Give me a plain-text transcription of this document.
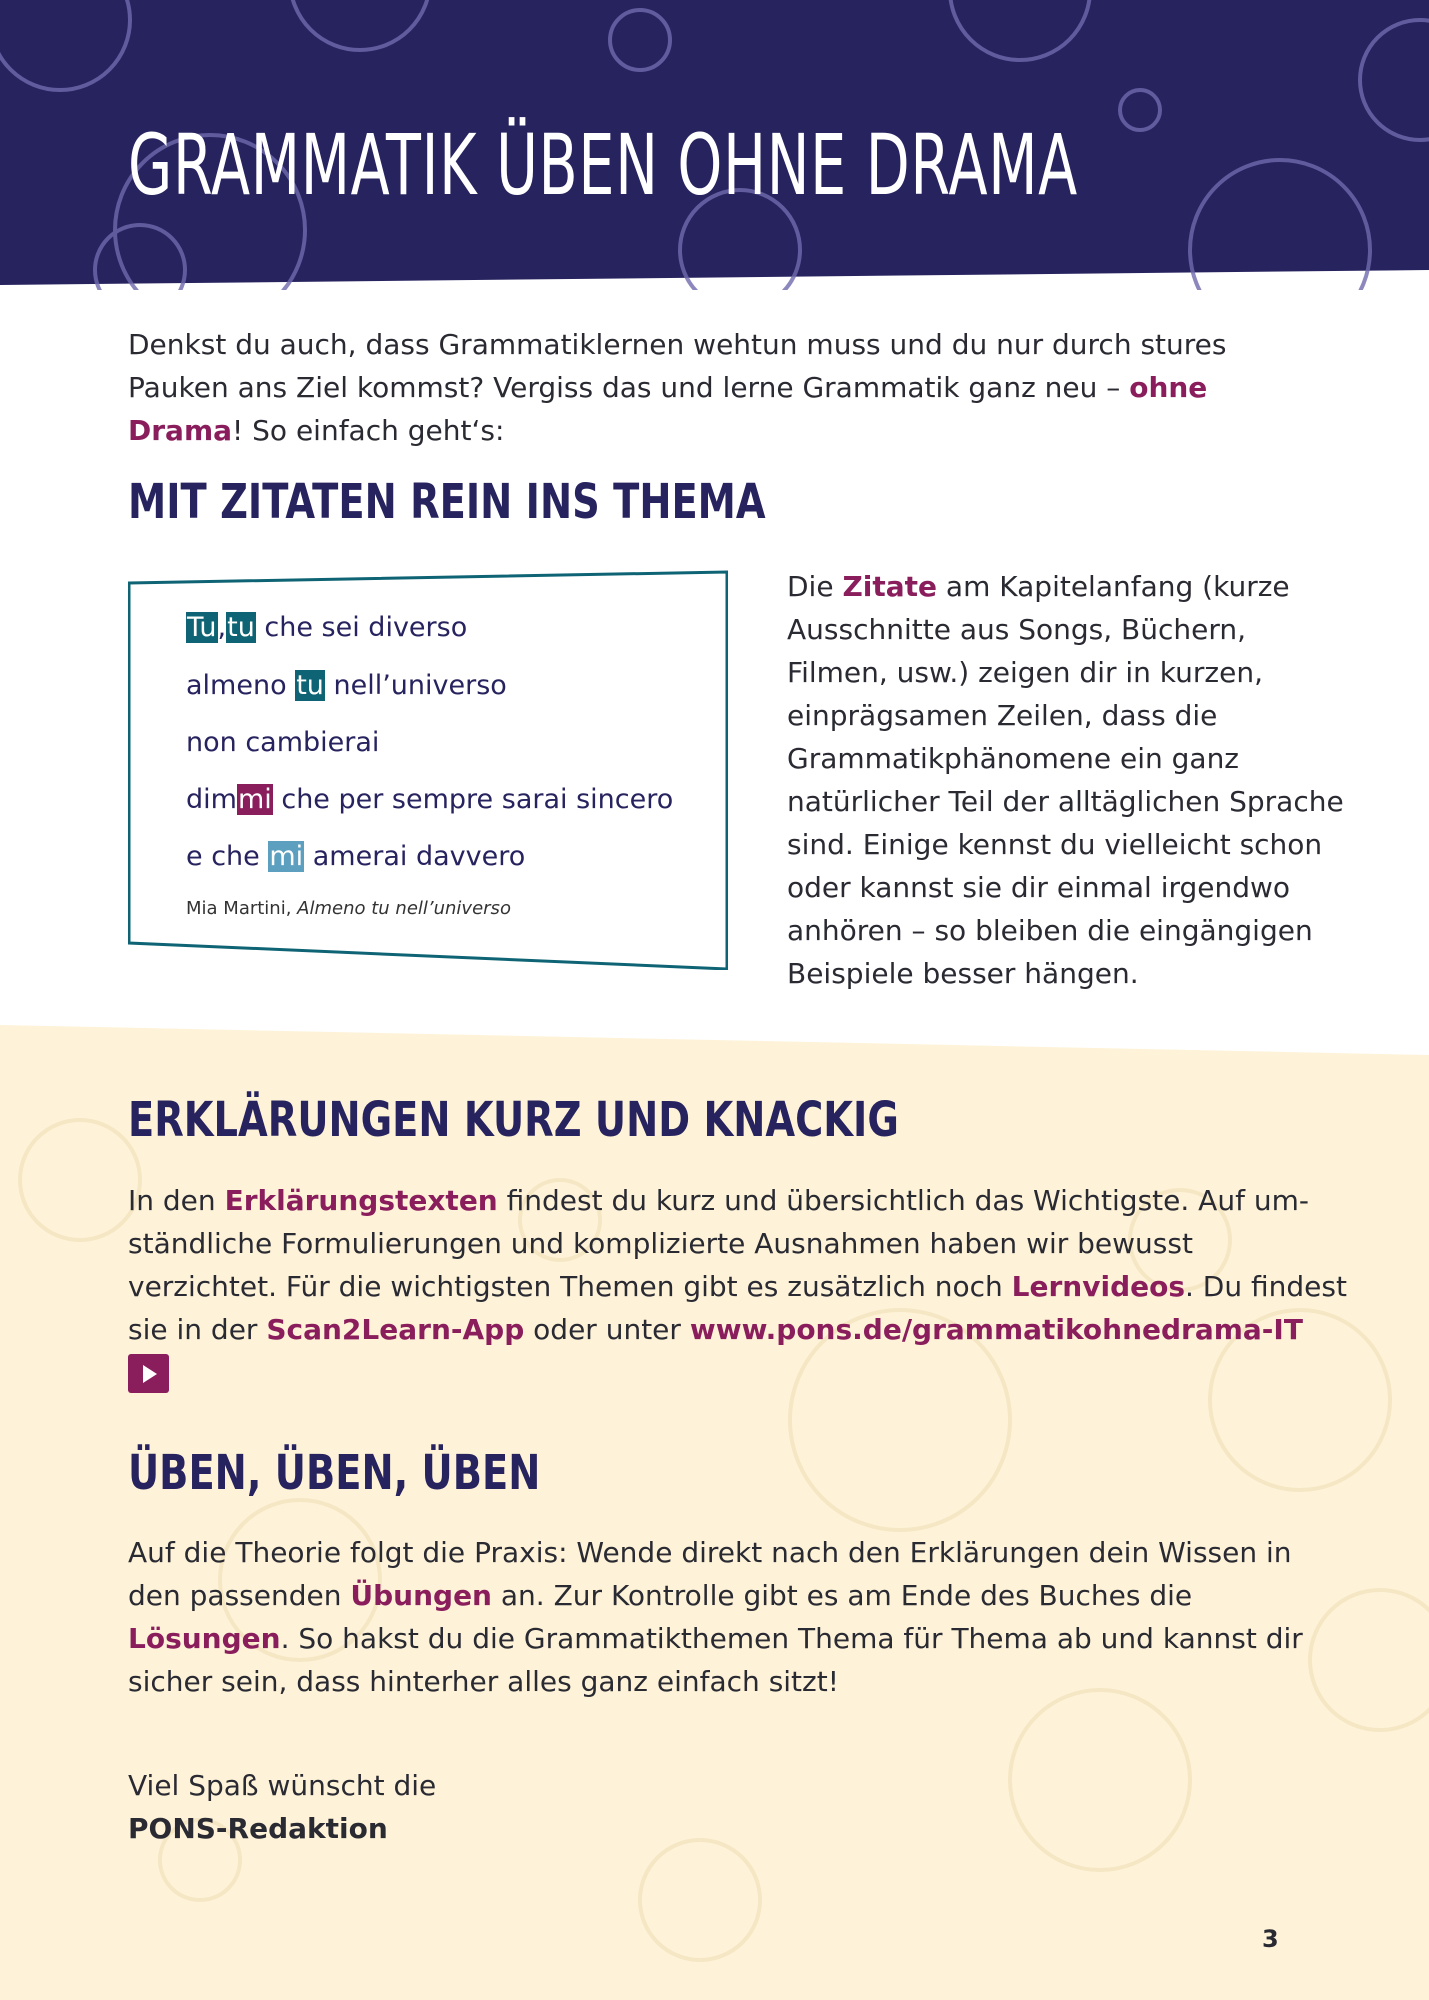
GRAMMATIK ÜBEN OHNE DRAMA

Denkst du auch, dass Grammatiklernen wehtun muss und du nur durch stures Pauken ans Ziel kommst? Vergiss das und lerne Grammatik ganz neu – ohne Drama! So einfach geht‘s:

MIT ZITATEN REIN INS THEMA
Tu,tu che sei diverso
almeno tu nell’universo
non cambierai
dimmi che per sempre sarai sincero
e che mi amerai davvero
Mia Martini, Almeno tu nell’universo

Die Zitate am Kapitelanfang (kurze Ausschnitte aus Songs, Büchern, Filmen, usw.) zeigen dir in kurzen, einprägsamen Zeilen, dass die Grammatikphänomene ein ganz natürlicher Teil der alltäglichen Sprache sind. Einige kennst du vielleicht schon oder kannst sie dir einmal irgendwo anhören – so bleiben die eingängigen Beispiele besser hängen.

ERKLÄRUNGEN KURZ UND KNACKIG

In den Erklärungstexten findest du kurz und übersichtlich das Wichtigste. Auf umständliche Formulierungen und komplizierte Ausnahmen haben wir bewusst verzichtet. Für die wichtigsten Themen gibt es zusätzlich noch Lernvideos. Du findest sie in der Scan2Learn-App oder unter www.pons.de/grammatikohnedrama-IT

ÜBEN, ÜBEN, ÜBEN

Auf die Theorie folgt die Praxis: Wende direkt nach den Erklärungen dein Wissen in den passenden Übungen an. Zur Kontrolle gibt es am Ende des Buches die Lösungen. So hakst du die Grammatikthemen Thema für Thema ab und kannst dir sicher sein, dass hinterher alles ganz einfach sitzt!

Viel Spaß wünscht die
PONS-Redaktion

3
